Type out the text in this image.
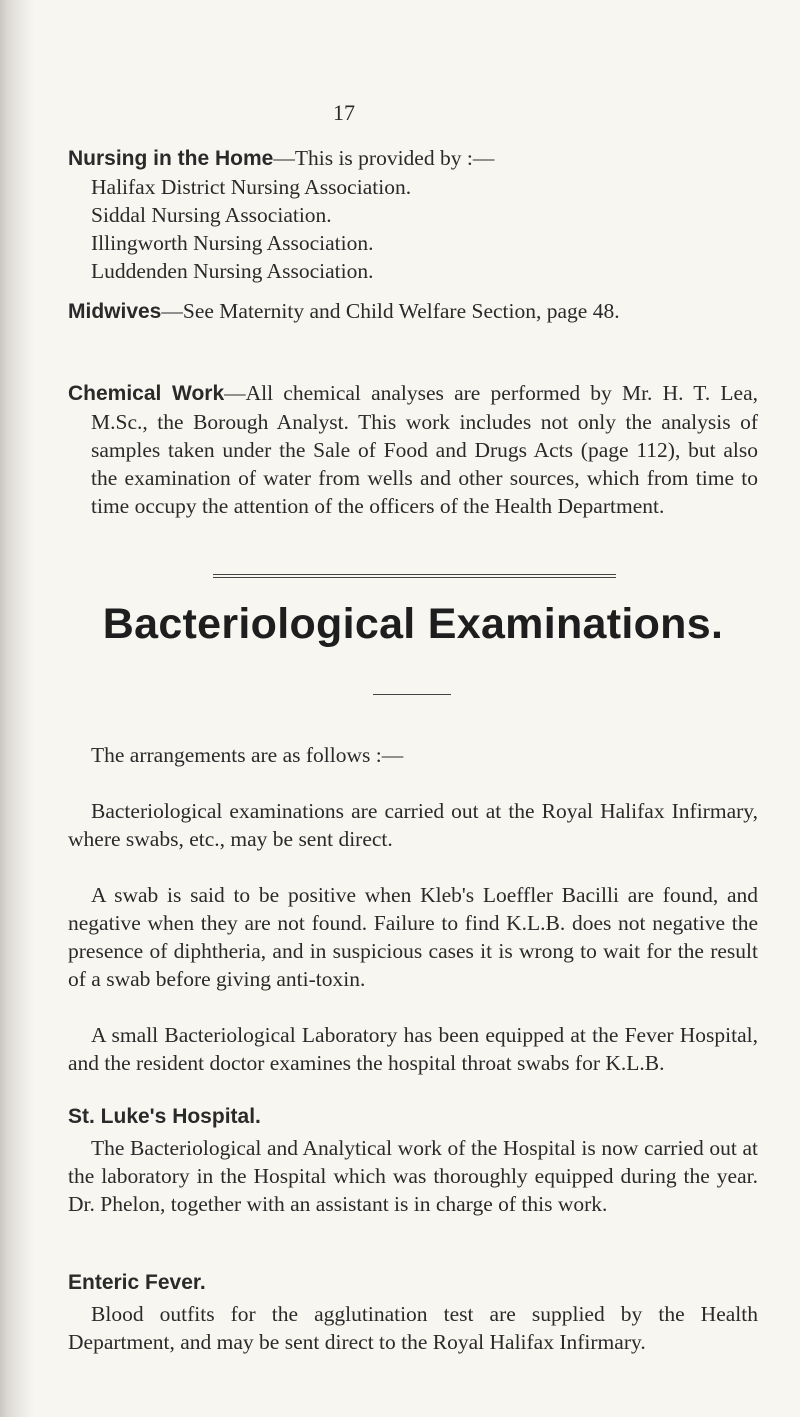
17
Nursing in the Home—This is provided by :—
Halifax District Nursing Association.
Siddal Nursing Association.
Illingworth Nursing Association.
Luddenden Nursing Association.
Midwives—See Maternity and Child Welfare Section, page 48.
Chemical Work—All chemical analyses are performed by Mr. H. T. Lea, M.Sc., the Borough Analyst. This work includes not only the analysis of samples taken under the Sale of Food and Drugs Acts (page 112), but also the examination of water from wells and other sources, which from time to time occupy the attention of the officers of the Health Department.
Bacteriological Examinations.
The arrangements are as follows :—
Bacteriological examinations are carried out at the Royal Halifax Infirmary, where swabs, etc., may be sent direct.
A swab is said to be positive when Kleb's Loeffler Bacilli are found, and negative when they are not found. Failure to find K.L.B. does not negative the presence of diphtheria, and in suspicious cases it is wrong to wait for the result of a swab before giving anti-toxin.
A small Bacteriological Laboratory has been equipped at the Fever Hospital, and the resident doctor examines the hospital throat swabs for K.L.B.
St. Luke's Hospital.
The Bacteriological and Analytical work of the Hospital is now carried out at the laboratory in the Hospital which was thoroughly equipped during the year. Dr. Phelon, together with an assistant is in charge of this work.
Enteric Fever.
Blood outfits for the agglutination test are supplied by the Health Department, and may be sent direct to the Royal Halifax Infirmary.
